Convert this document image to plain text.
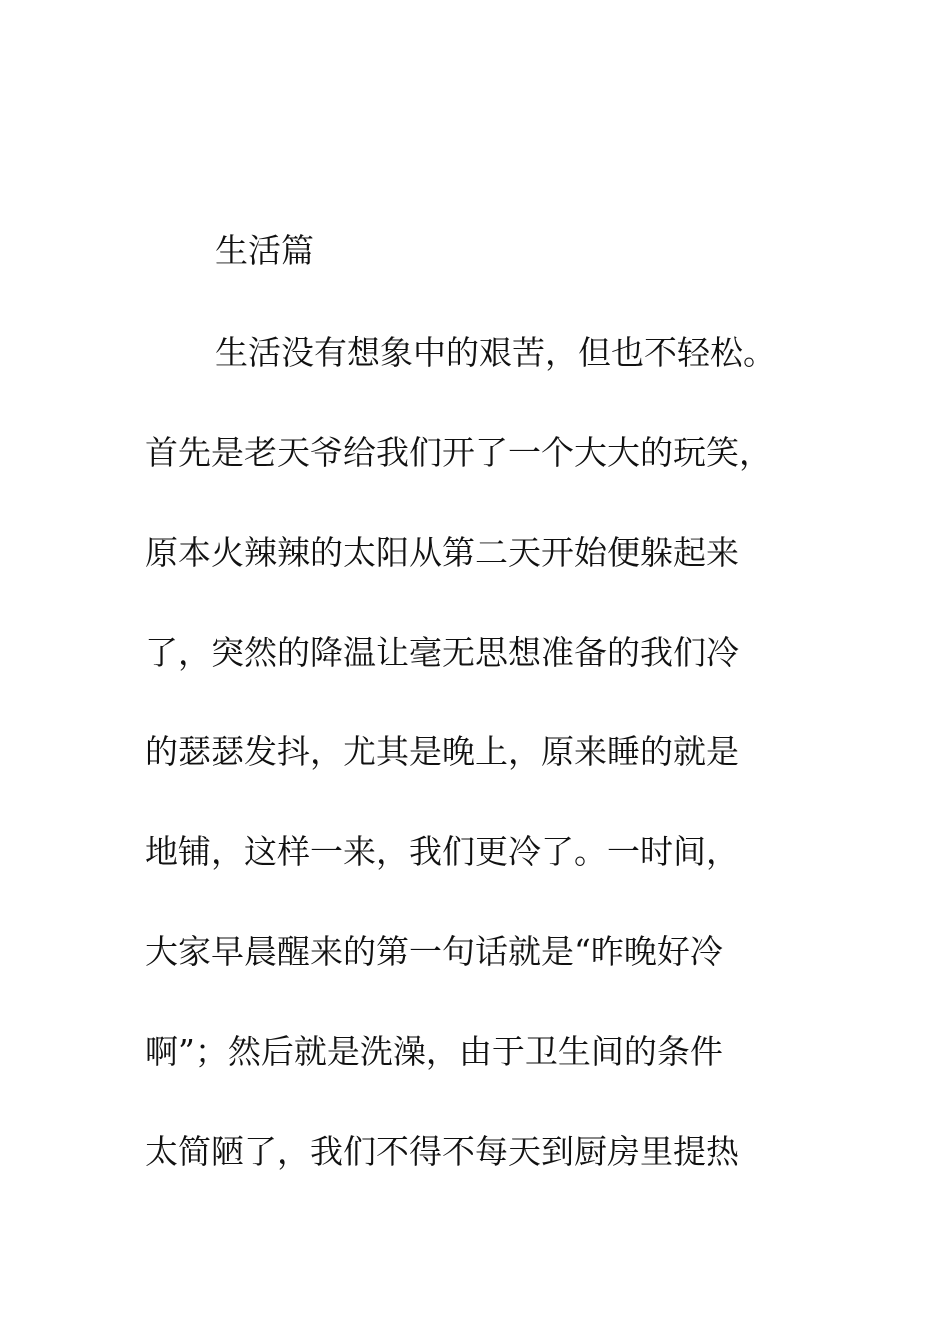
生活篇
生活没有想象中的艰苦，但也不轻松。
首先是老天爷给我们开了一个大大的玩笑，
原本火辣辣的太阳从第二天开始便躲起来
了，突然的降温让毫无思想准备的我们冷
的瑟瑟发抖，尤其是晚上，原来睡的就是
地铺，这样一来，我们更冷了。一时间，
大家早晨醒来的第一句话就是“昨晚好冷
啊”；然后就是洗澡，由于卫生间的条件
太简陋了，我们不得不每天到厨房里提热
